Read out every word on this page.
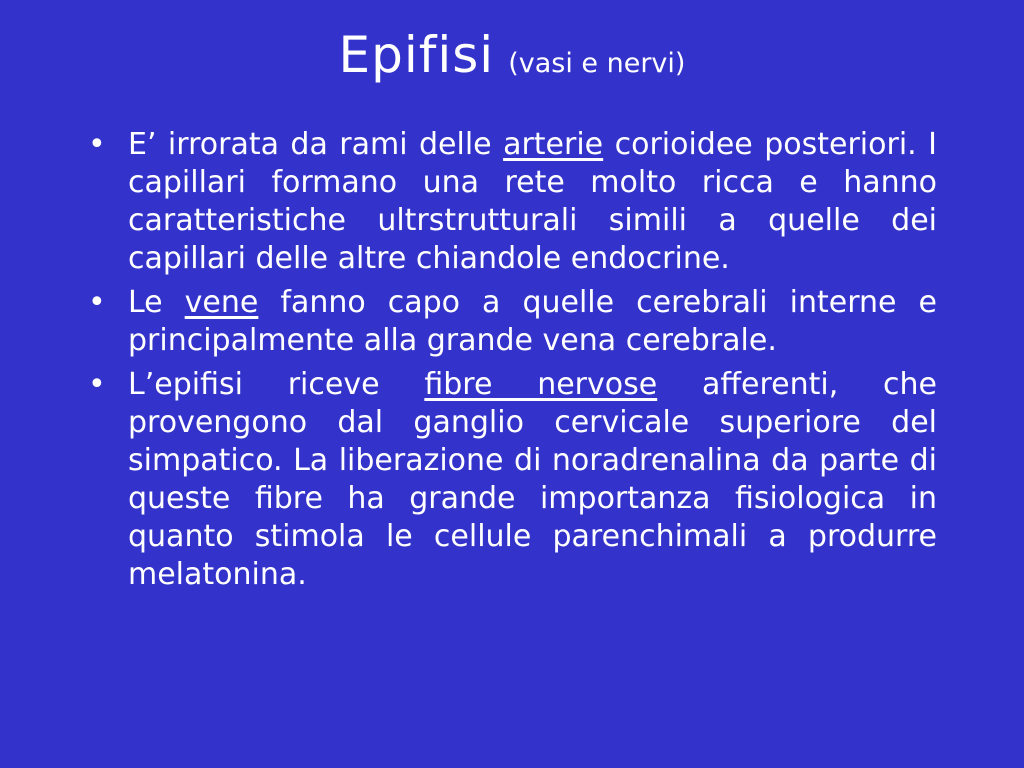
Epifisi (vasi e nervi)
• E’ irrorata da rami delle arterie corioidee posteriori. I capillari formano una rete molto ricca e hanno caratteristiche ultrstrutturali simili a quelle dei capillari delle altre chiandole endocrine.
• Le vene fanno capo a quelle cerebrali interne e principalmente alla grande vena cerebrale.
• L’epifisi riceve fibre nervose afferenti, che provengono dal ganglio cervicale superiore del simpatico. La liberazione di noradrenalina da parte di queste fibre ha grande importanza fisiologica in quanto stimola le cellule parenchimali a produrre melatonina.
